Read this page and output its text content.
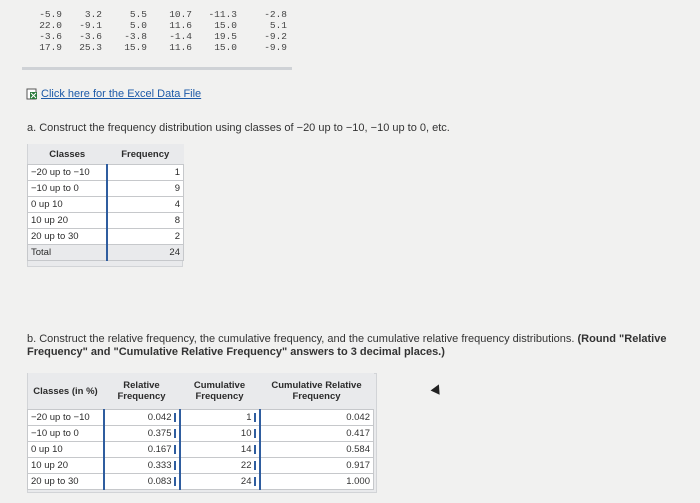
-5.9	3.2	5.5	10.7	-11.3	-2.8
22.0	-9.1	5.0	11.6	15.0	5.1
-3.6	-3.6	-3.8	-1.4	19.5	-9.2
17.9	25.3	15.9	11.6	15.0	-9.9
Click here for the Excel Data File
a. Construct the frequency distribution using classes of −20 up to −10, −10 up to 0, etc.
Classes	Frequency
−20 up to −10	1
−10 up to 0	9
0 up 10	4
10 up 20	8
20 up to 30	2
Total	24
b. Construct the relative frequency, the cumulative frequency, and the cumulative relative frequency distributions. (Round "Relative Frequency" and "Cumulative Relative Frequency" answers to 3 decimal places.)
Classes (in %)	Relative Frequency	Cumulative Frequency	Cumulative Relative Frequency
−20 up to −10	0.042	1	0.042
−10 up to 0	0.375	10	0.417
0 up 10	0.167	14	0.584
10 up 20	0.333	22	0.917
20 up to 30	0.083	24	1.000
